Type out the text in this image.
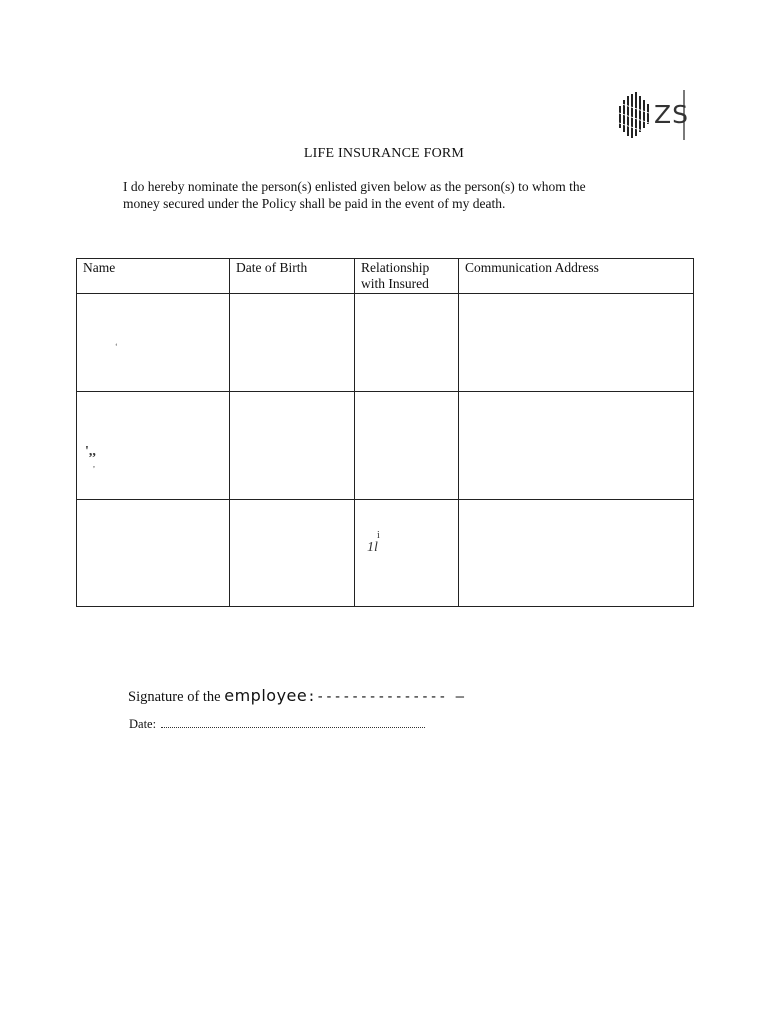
ZS
LIFE INSURANCE FORM
I do hereby nominate the person(s) enlisted given below as the person(s) to whom the
money secured under the Policy shall be paid in the event of my death.
Name	Date of Birth	Relationship
with Insured	Communication Address

‘			

',,
,			

		i
1l	

Signature of the employee:--------------- –
Date:
